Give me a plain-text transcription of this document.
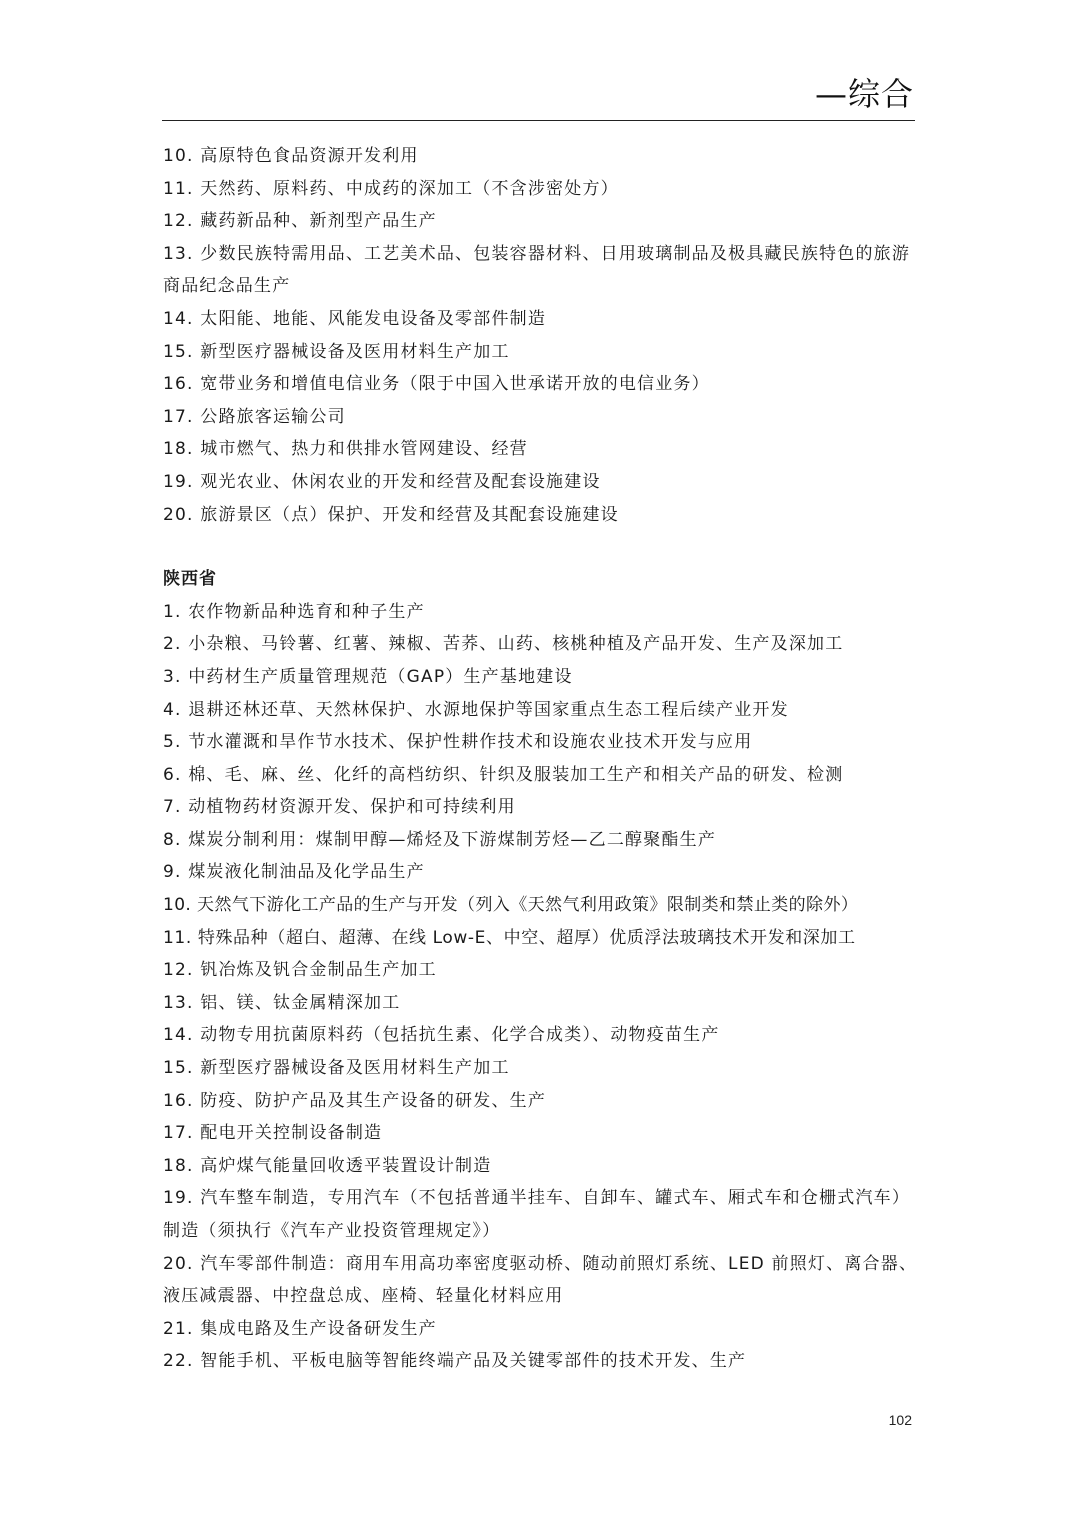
—综合
10. 高原特色食品资源开发利用
11. 天然药、原料药、中成药的深加工（不含涉密处方）
12. 藏药新品种、新剂型产品生产
13. 少数民族特需用品、工艺美术品、包装容器材料、日用玻璃制品及极具藏民族特色的旅游商品纪念品生产
14. 太阳能、地能、风能发电设备及零部件制造
15. 新型医疗器械设备及医用材料生产加工
16. 宽带业务和增值电信业务（限于中国入世承诺开放的电信业务）
17. 公路旅客运输公司
18. 城市燃气、热力和供排水管网建设、经营
19. 观光农业、休闲农业的开发和经营及配套设施建设
20. 旅游景区（点）保护、开发和经营及其配套设施建设
陕西省
1. 农作物新品种选育和种子生产
2. 小杂粮、马铃薯、红薯、辣椒、苦荞、山药、核桃种植及产品开发、生产及深加工
3. 中药材生产质量管理规范（GAP）生产基地建设
4. 退耕还林还草、天然林保护、水源地保护等国家重点生态工程后续产业开发
5. 节水灌溉和旱作节水技术、保护性耕作技术和设施农业技术开发与应用
6. 棉、毛、麻、丝、化纤的高档纺织、针织及服装加工生产和相关产品的研发、检测
7. 动植物药材资源开发、保护和可持续利用
8. 煤炭分制利用：煤制甲醇—烯烃及下游煤制芳烃—乙二醇聚酯生产
9. 煤炭液化制油品及化学品生产
10. 天然气下游化工产品的生产与开发（列入《天然气利用政策》限制类和禁止类的除外）
11. 特殊品种（超白、超薄、在线 Low-E、中空、超厚）优质浮法玻璃技术开发和深加工
12. 钒冶炼及钒合金制品生产加工
13. 铝、镁、钛金属精深加工
14. 动物专用抗菌原料药（包括抗生素、化学合成类）、动物疫苗生产
15. 新型医疗器械设备及医用材料生产加工
16. 防疫、防护产品及其生产设备的研发、生产
17. 配电开关控制设备制造
18. 高炉煤气能量回收透平装置设计制造
19. 汽车整车制造，专用汽车（不包括普通半挂车、自卸车、罐式车、厢式车和仓栅式汽车）制造（须执行《汽车产业投资管理规定》）
20. 汽车零部件制造：商用车用高功率密度驱动桥、随动前照灯系统、LED 前照灯、离合器、液压减震器、中控盘总成、座椅、轻量化材料应用
21. 集成电路及生产设备研发生产
22. 智能手机、平板电脑等智能终端产品及关键零部件的技术开发、生产
102
